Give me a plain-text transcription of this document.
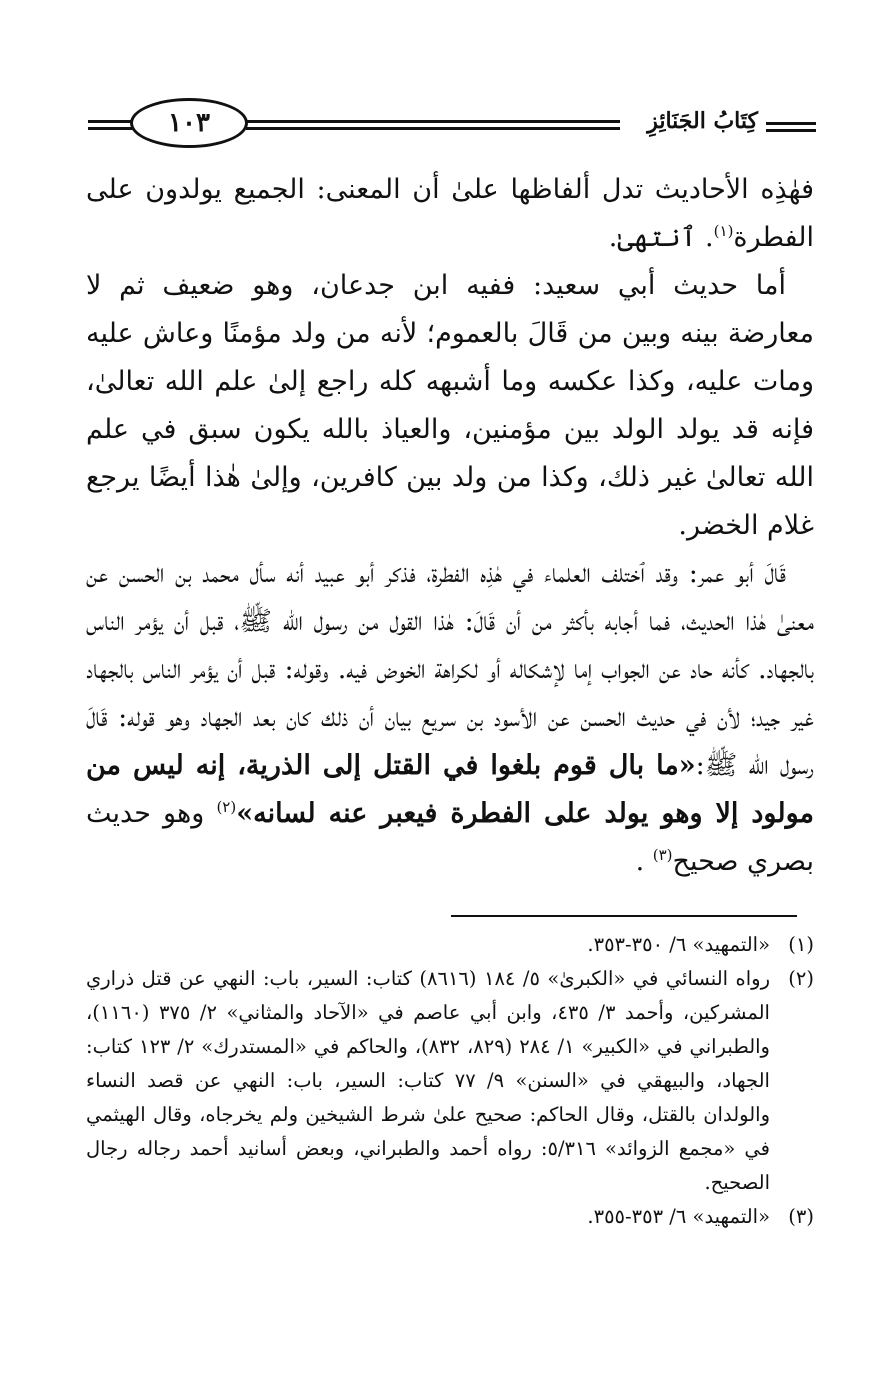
١٠٣	كِتَابُ الجَنَائِزِ

فهٰذِه الأحاديث تدل ألفاظها علىٰ أن المعنى: الجميع يولدون على الفطرة$^{(١)}$. ٱنتهىٰ.

أما حديث أبي سعيد: ففيه ابن جدعان، وهو ضعيف ثم لا معارضة بينه وبين من قَالَ بالعموم؛ لأنه من ولد مؤمنًا وعاش عليه ومات عليه، وكذا عكسه وما أشبهه كله راجع إلىٰ علم الله تعالىٰ، فإنه قد يولد الولد بين مؤمنين، والعياذ بالله يكون سبق في علم الله تعالىٰ غير ذلك، وكذا من ولد بين كافرين، وإلىٰ هٰذا أيضًا يرجع غلام الخضر.

قَالَ أبو عمر: وقد ٱختلف العلماء في هٰذِه الفطرة، فذكر أبو عبيد أنه سأل محمد بن الحسن عن معنىٰ هٰذا الحديث، فما أجابه بأكثر من أن قَالَ: هٰذا القول من رسول الله ﷺ، قبل أن يؤمر الناس بالجهاد. كأنه حاد عن الجواب إما لإشكاله أو لكراهة الخوض فيه. وقوله: قبل أن يؤمر الناس بالجهاد غير جيد؛ لأن في حديث الحسن عن الأسود بن سريع بيان أن ذلك كان بعد الجهاد وهو قوله: قَالَ رسول الله ﷺ:«ما بال قوم بلغوا في القتل إلى الذرية، إنه ليس من مولود إلا وهو يولد على الفطرة فيعبر عنه لسانه»$^{(٢)}$ وهو حديث بصري صحيح$^{(٣)}$ .

(١)
«التمهيد» ٦/ ٣٥٠-٣٥٣.
(٢)
رواه النسائي في «الكبرىٰ» ٥/ ١٨٤ (٨٦١٦) كتاب: السير، باب: النهي عن قتل ذراري المشركين، وأحمد ٣/ ٤٣٥، وابن أبي عاصم في «الآحاد والمثاني» ٢/ ٣٧٥ (١١٦٠)، والطبراني في «الكبير» ١/ ٢٨٤ (٨٢٩، ٨٣٢)، والحاكم في «المستدرك» ٢/ ١٢٣ كتاب: الجهاد، والبيهقي في «السنن» ٩/ ٧٧ كتاب: السير، باب: النهي عن قصد النساء والولدان بالقتل، وقال الحاكم: صحيح علىٰ شرط الشيخين ولم يخرجاه، وقال الهيثمي في «مجمع الزوائد» ٥/٣١٦: رواه أحمد والطبراني، وبعض أسانيد أحمد رجاله رجال الصحيح.
(٣)
«التمهيد» ٦/ ٣٥٣-٣٥٥.
